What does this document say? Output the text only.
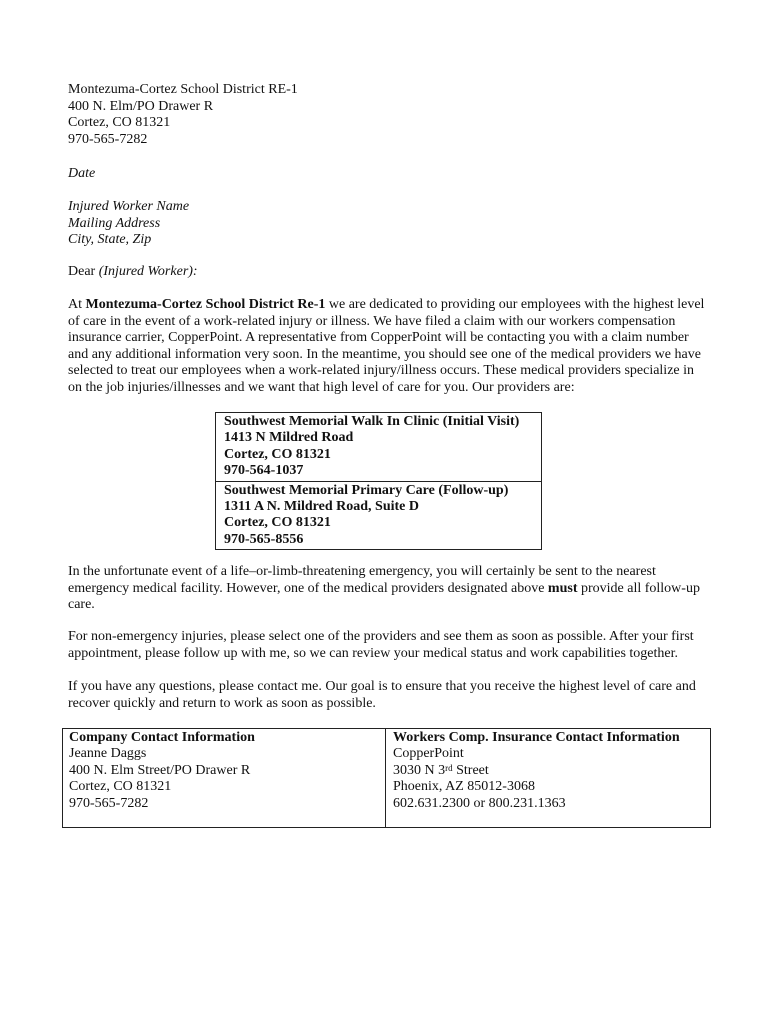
Montezuma-Cortez School District RE-1
400 N. Elm/PO Drawer R
Cortez, CO 81321
970-565-7282
Date
Injured Worker Name
Mailing Address
City, State, Zip
Dear (Injured Worker):
At Montezuma-Cortez School District Re-1 we are dedicated to providing our employees with the highest level of care in the event of a work-related injury or illness. We have filed a claim with our workers compensation insurance carrier, CopperPoint. A representative from CopperPoint will be contacting you with a claim number and any additional information very soon. In the meantime, you should see one of the medical providers we have selected to treat our employees when a work-related injury/illness occurs. These medical providers specialize in on the job injuries/illnesses and we want that high level of care for you. Our providers are:
Southwest Memorial Walk In Clinic (Initial Visit)
1413 N Mildred Road
Cortez, CO 81321
970-564-1037
Southwest Memorial Primary Care (Follow-up)
1311 A N. Mildred Road, Suite D
Cortez, CO 81321
970-565-8556
In the unfortunate event of a life–or-limb-threatening emergency, you will certainly be sent to the nearest emergency medical facility. However, one of the medical providers designated above must provide all follow-up care.
For non-emergency injuries, please select one of the providers and see them as soon as possible. After your first appointment, please follow up with me, so we can review your medical status and work capabilities together.
If you have any questions, please contact me. Our goal is to ensure that you receive the highest level of care and recover quickly and return to work as soon as possible.
Company Contact Information
Jeanne Daggs
400 N. Elm Street/PO Drawer R
Cortez, CO 81321
970-565-7282
Workers Comp. Insurance Contact Information
CopperPoint
3030 N 3rd Street
Phoenix, AZ 85012-3068
602.631.2300 or 800.231.1363
